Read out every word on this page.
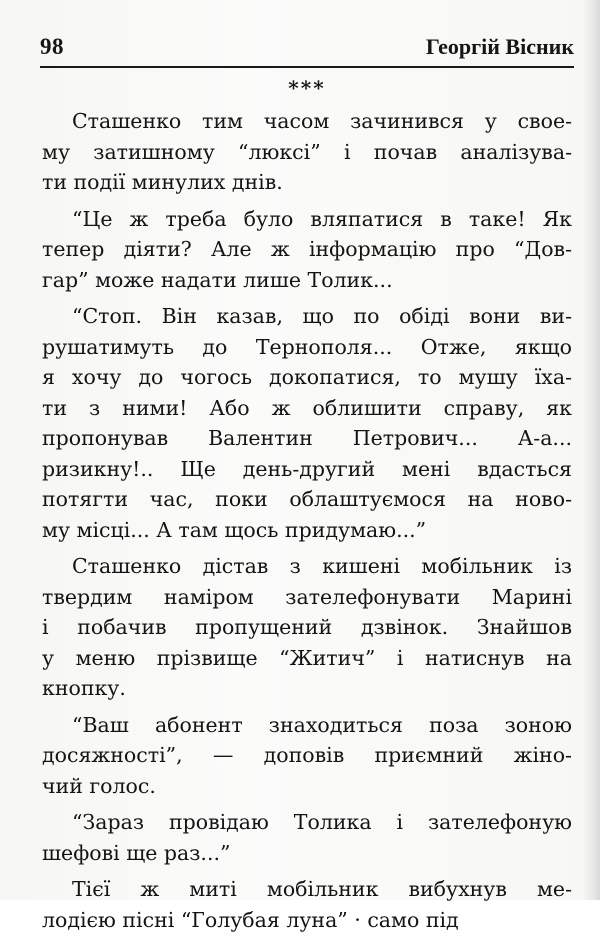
98	Георгій Вісник
***
Сташенко тим часом зачинився у свое-
му затишному “люксі” і почав аналізува-
ти події минулих днів.
“Це ж треба було вляпатися в таке! Як
тепер діяти? Але ж інформацію про “Дов-
гар” може надати лише Толик...
“Стоп. Він казав, що по обіді вони ви-
рушатимуть до Тернополя... Отже, якщо
я хочу до чогось докопатися, то мушу їха-
ти з ними! Або ж облишити справу, як
пропонував Валентин Петрович... А-а...
ризикну!.. Ще день-другий мені вдасться
потягти час, поки облаштуємося на ново-
му місці... А там щось придумаю...”
Сташенко дістав з кишені мобільник із
твердим наміром зателефонувати Марині
і побачив пропущений дзвінок. Знайшов
у меню прізвище “Житич” і натиснув на
кнопку.
“Ваш абонент знаходиться поза зоною
досяжності”, — доповів приємний жіно-
чий голос.
“Зараз провідаю Толика і зателефоную
шефові ще раз...”
Тієї ж миті мобільник вибухнув ме-
лодією пісні “Голубая луна” · само під
